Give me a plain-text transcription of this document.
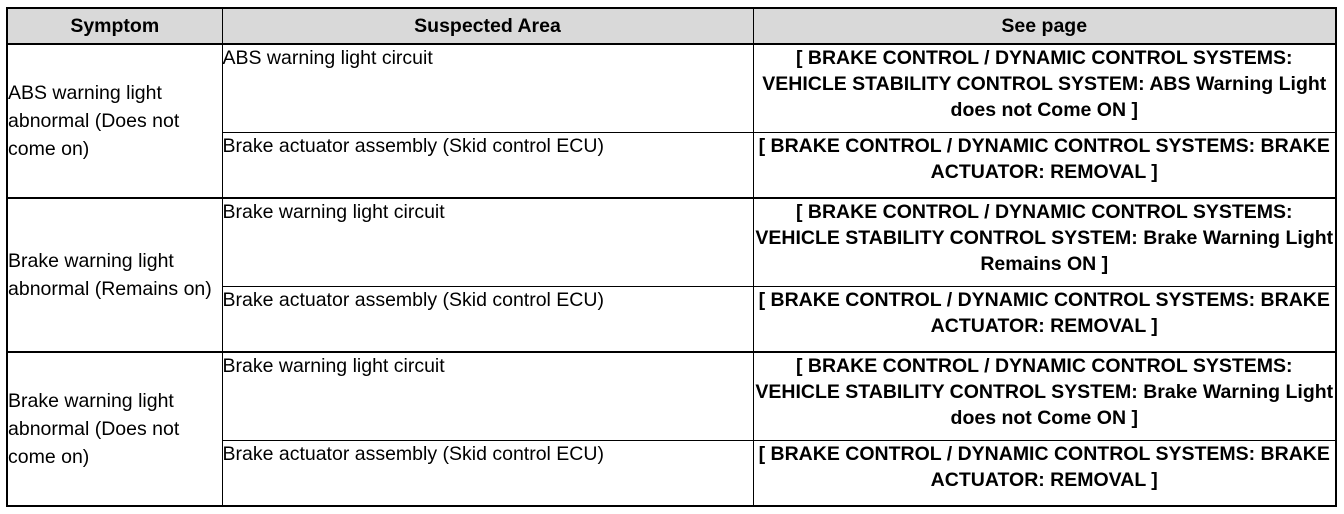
Symptom	Suspected Area	See page
ABS warning light abnormal (Does not come on)	ABS warning light circuit	[ BRAKE CONTROL / DYNAMIC CONTROL SYSTEMS: VEHICLE STABILITY CONTROL SYSTEM: ABS Warning Light does not Come ON ]
	Brake actuator assembly (Skid control ECU)	[ BRAKE CONTROL / DYNAMIC CONTROL SYSTEMS: BRAKE ACTUATOR: REMOVAL ]
Brake warning light abnormal (Remains on)	Brake warning light circuit	[ BRAKE CONTROL / DYNAMIC CONTROL SYSTEMS: VEHICLE STABILITY CONTROL SYSTEM: Brake Warning Light Remains ON ]
	Brake actuator assembly (Skid control ECU)	[ BRAKE CONTROL / DYNAMIC CONTROL SYSTEMS: BRAKE ACTUATOR: REMOVAL ]
Brake warning light abnormal (Does not come on)	Brake warning light circuit	[ BRAKE CONTROL / DYNAMIC CONTROL SYSTEMS: VEHICLE STABILITY CONTROL SYSTEM: Brake Warning Light does not Come ON ]
	Brake actuator assembly (Skid control ECU)	[ BRAKE CONTROL / DYNAMIC CONTROL SYSTEMS: BRAKE ACTUATOR: REMOVAL ]
